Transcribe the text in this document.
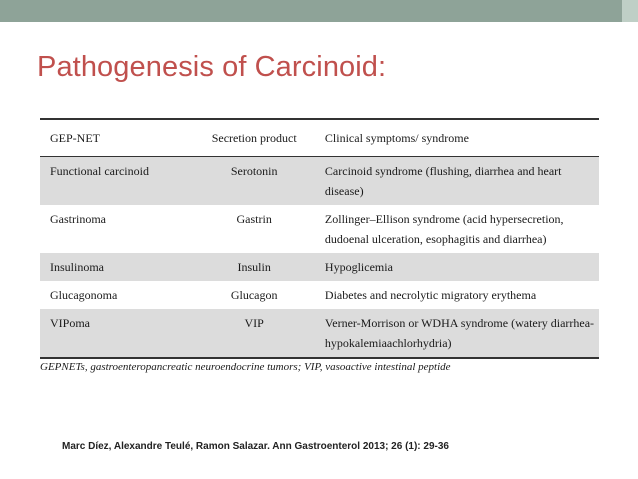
Pathogenesis of Carcinoid:
GEP-NET	Secretion product	Clinical symptoms/ syndrome

Functional carcinoid	Serotonin	Carcinoid syndrome (flushing, diarrhea and heart disease)
Gastrinoma	Gastrin	Zollinger–Ellison syndrome (acid hypersecretion, dudoenal ulceration, esophagitis and diarrhea)
Insulinoma	Insulin	Hypoglicemia
Glucagonoma	Glucagon	Diabetes and necrolytic migratory erythema
VIPoma	VIP	Verner-Morrison or WDHA syndrome (watery diarrhea-hypokalemiaachlorhydria)
GEPNETs, gastroenteropancreatic neuroendocrine tumors; VIP, vasoactive intestinal peptide
Marc Díez, Alexandre Teulé, Ramon Salazar. Ann Gastroenterol 2013; 26 (1): 29-36
